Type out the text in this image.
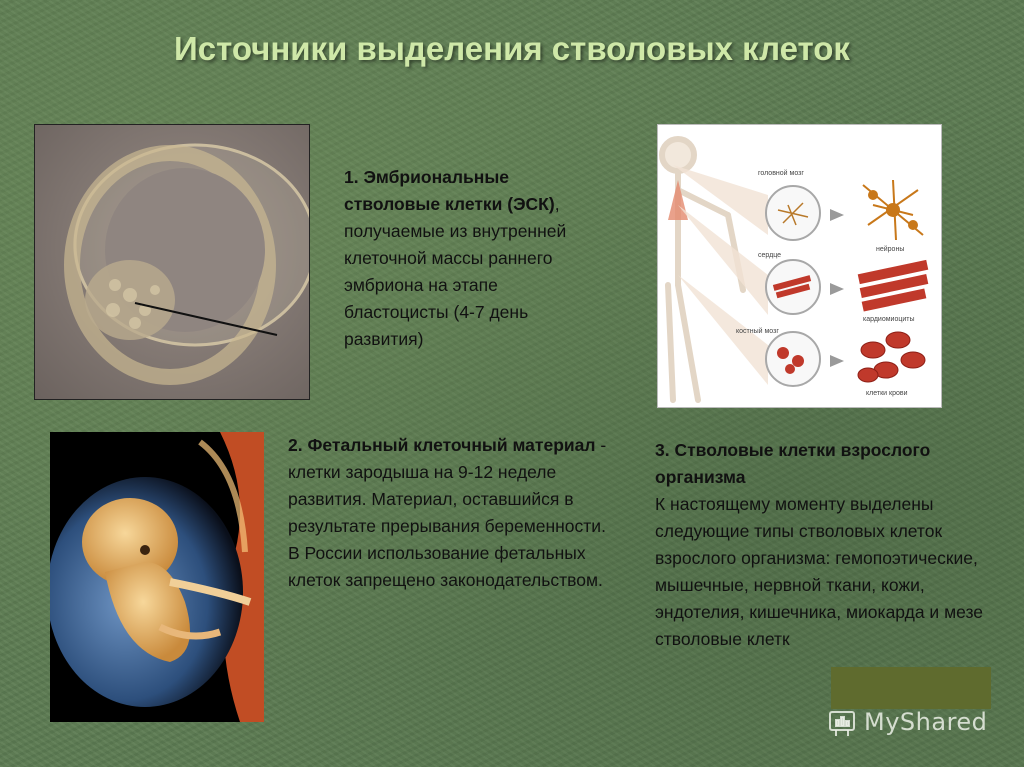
Источники выделения стволовых клеток
1. Эмбриональные стволовые клетки (ЭСК), получаемые из внутренней клеточной массы раннего эмбриона на этапе бластоцисты (4-7 день развития)
головной мозг
сердце
костный мозг
нейроны
кардиомиоциты
клетки крови
2. Фетальный клеточный материал - клетки зародыша на 9-12 неделе развития. Материал, оставшийся в результате прерывания беременности. В России использование фетальных клеток запрещено законодательством.
3. Стволовые клетки взрослого организма
К настоящему моменту выделены следующие типы стволовых клеток взрослого организма: гемопоэтические, мышечные, нервной ткани, кожи, эндотелия, кишечника, миокарда и мезе
стволовые клетк
MyShared
